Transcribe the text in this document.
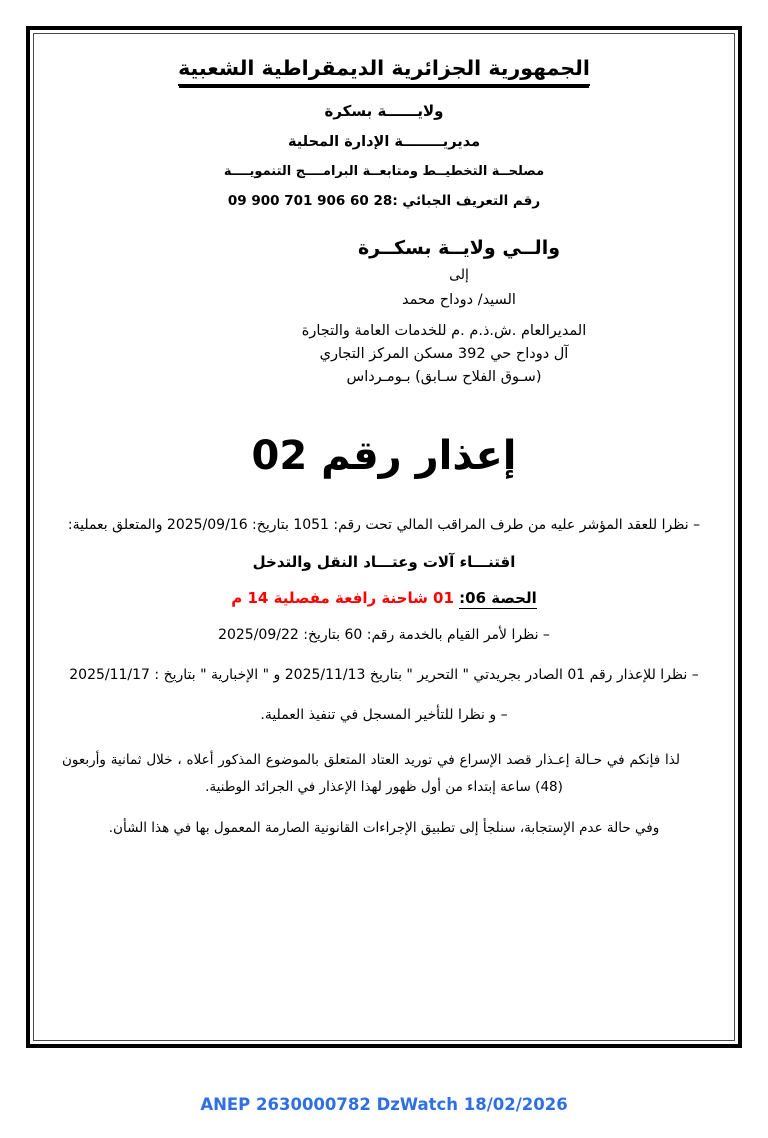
الجمهورية الجزائرية الديمقراطية الشعبية
ولايــــــة بسكرة
مديريــــــــة الإدارة المحلية
مصلحــة التخطيــط ومتابعــة البرامــــج التنمويــــة
رقم التعريف الجبائي :28 60 906 701 900 09
والــي ولايــة بسكــرة
إلى
السيد/ دوداح محمد
المديرالعام .ش.ذ.م .م للخدمات العامة والتجارة
آل دوداح حي 392 مسكن المركز التجاري
(سـوق الفلاح سـابق) بـومـرداس
إعذار رقم 02

– نظرا للعقد المؤشر عليه من طرف المراقب المالي تحت رقم: 1051 بتاريخ: 2025/09/16 والمتعلق بعملية:

اقتنـــاء آلات وعتـــاد النقل والتدخل

الحصة 06: 01 شاحنة رافعة مفصلية 14 م

– نظرا لأمر القيام بالخدمة رقم: 60 بتاريخ: 2025/09/22

– نظرا للإعذار رقم 01 الصادر بجريدتي " التحرير " بتاريخ 2025/11/13 و " الإخبارية " بتاريخ : 2025/11/17

– و نظرا للتأخير المسجل في تنفيذ العملية.

لذا فإنكم في حـالة إعـذار قصد الإسراع في توريد العتاد المتعلق بالموضوع المذكور أعلاه ، خلال ثمانية وأربعون (48) ساعة إبتداء من أول ظهور لهذا الإعذار في الجرائد الوطنية.

وفي حالة عدم الإستجابة، سنلجأ إلى تطبيق الإجراءات القانونية الصارمة المعمول بها في هذا الشأن.

ANEP 2630000782 DzWatch 18/02/2026
